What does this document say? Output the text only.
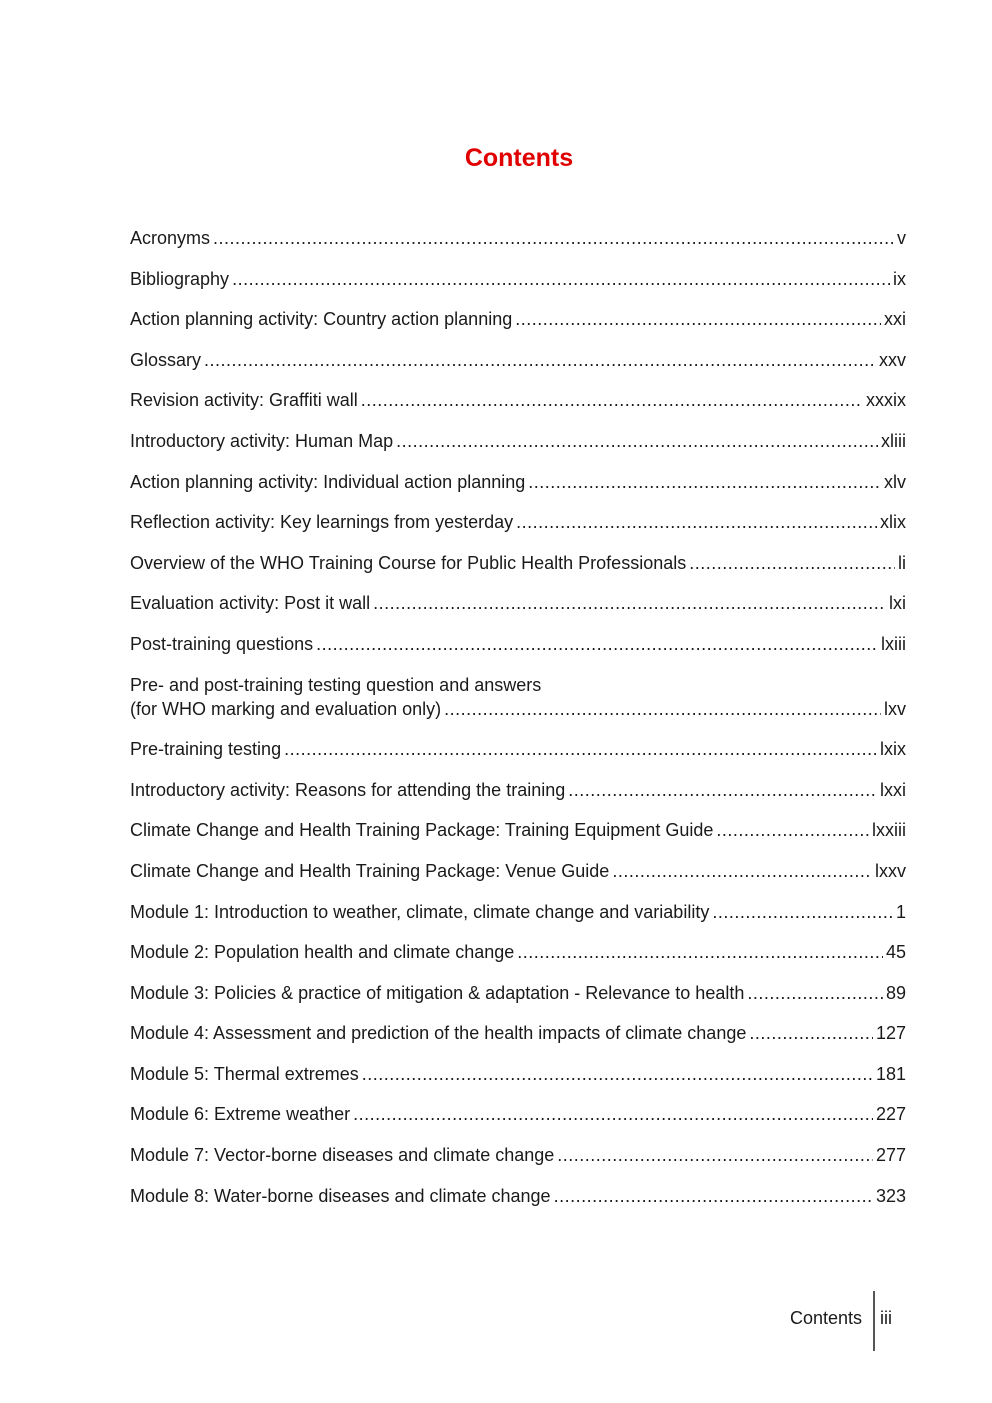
Contents
Acronyms .....	v
Bibliography .....	ix
Action planning activity: Country action planning .....	xxi
Glossary .....	xxv
Revision activity: Graffiti wall .....	xxxix
Introductory activity: Human Map .....	xliii
Action planning activity: Individual action planning .....	xlv
Reflection activity: Key learnings from yesterday .....	xlix
Overview of the WHO Training Course for Public Health Professionals .....	li
Evaluation activity: Post it wall .....	lxi
Post-training questions .....	lxiii
Pre- and post-training testing question and answers
(for WHO marking and evaluation only) .....	lxv
Pre-training testing .....	lxix
Introductory activity: Reasons for attending the training .....	lxxi
Climate Change and Health Training Package: Training Equipment Guide .....	lxxiii
Climate Change and Health Training Package: Venue Guide .....	lxxv
Module 1: Introduction to weather, climate, climate change and variability .....	1
Module 2: Population health and climate change .....	45
Module 3: Policies & practice of mitigation & adaptation - Relevance to health .....	89
Module 4: Assessment and prediction of the health impacts of climate change .....	127
Module 5: Thermal extremes .....	181
Module 6: Extreme weather .....	227
Module 7: Vector-borne diseases and climate change .....	277
Module 8: Water-borne diseases and climate change .....	323
Contents iii
